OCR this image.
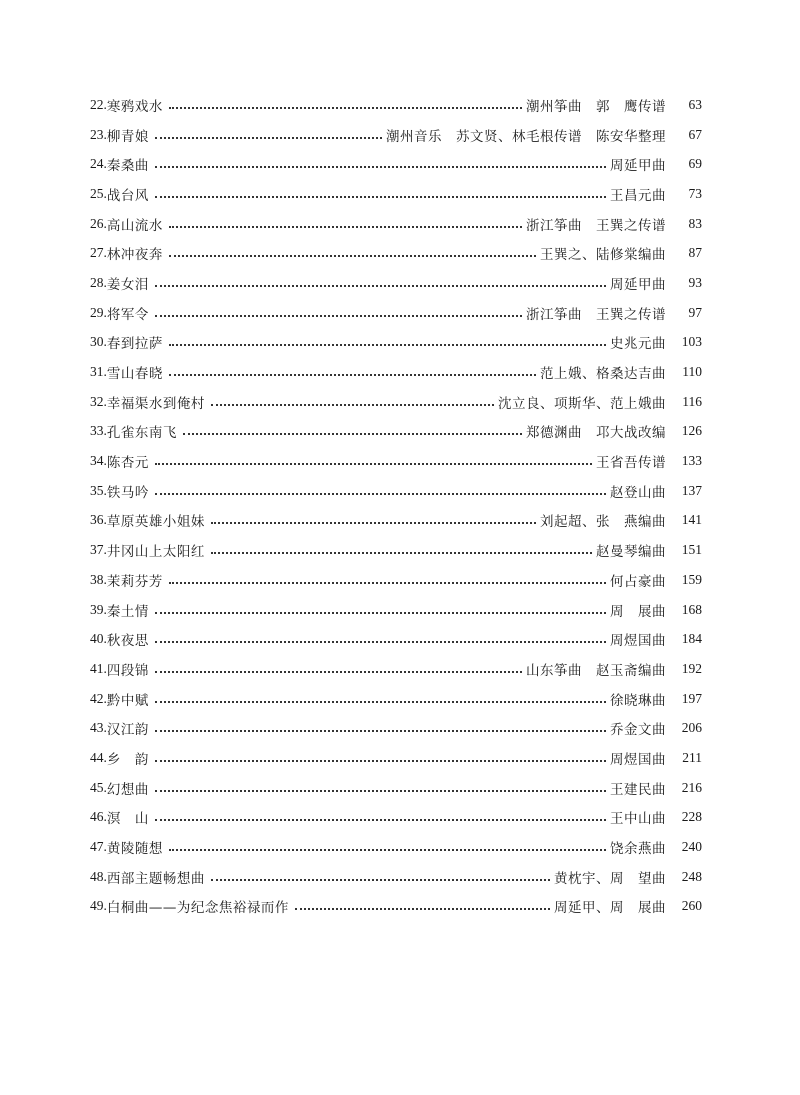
22. 寒鸦戏水	潮州筝曲　郭　鹰传谱	63
23. 柳青娘	潮州音乐　苏文贤、林毛根传谱　陈安华整理	67
24. 秦桑曲	周延甲曲	69
25. 战台风	王昌元曲	73
26. 高山流水	浙江筝曲　王巽之传谱	83
27. 林冲夜奔	王巽之、陆修棠编曲	87
28. 姜女泪	周延甲曲	93
29. 将军令	浙江筝曲　王巽之传谱	97
30. 春到拉萨	史兆元曲	103
31. 雪山春晓	范上娥、格桑达吉曲	110
32. 幸福渠水到俺村	沈立良、项斯华、范上娥曲	116
33. 孔雀东南飞	郑德渊曲　邛大战改编	126
34. 陈杏元	王省吾传谱	133
35. 铁马吟	赵登山曲	137
36. 草原英雄小姐妹	刘起超、张　燕编曲	141
37. 井冈山上太阳红	赵曼琴编曲	151
38. 茉莉芬芳	何占豪曲	159
39. 秦土情	周　展曲	168
40. 秋夜思	周煜国曲	184
41. 四段锦	山东筝曲　赵玉斋编曲	192
42. 黔中赋	徐晓琳曲	197
43. 汉江韵	乔金文曲	206
44. 乡　韵	周煜国曲	211
45. 幻想曲	王建民曲	216
46. 溟　山	王中山曲	228
47. 黄陵随想	饶余燕曲	240
48. 西部主题畅想曲	黄枕宇、周　望曲	248
49. 白桐曲——为纪念焦裕禄而作	周延甲、周　展曲	260
